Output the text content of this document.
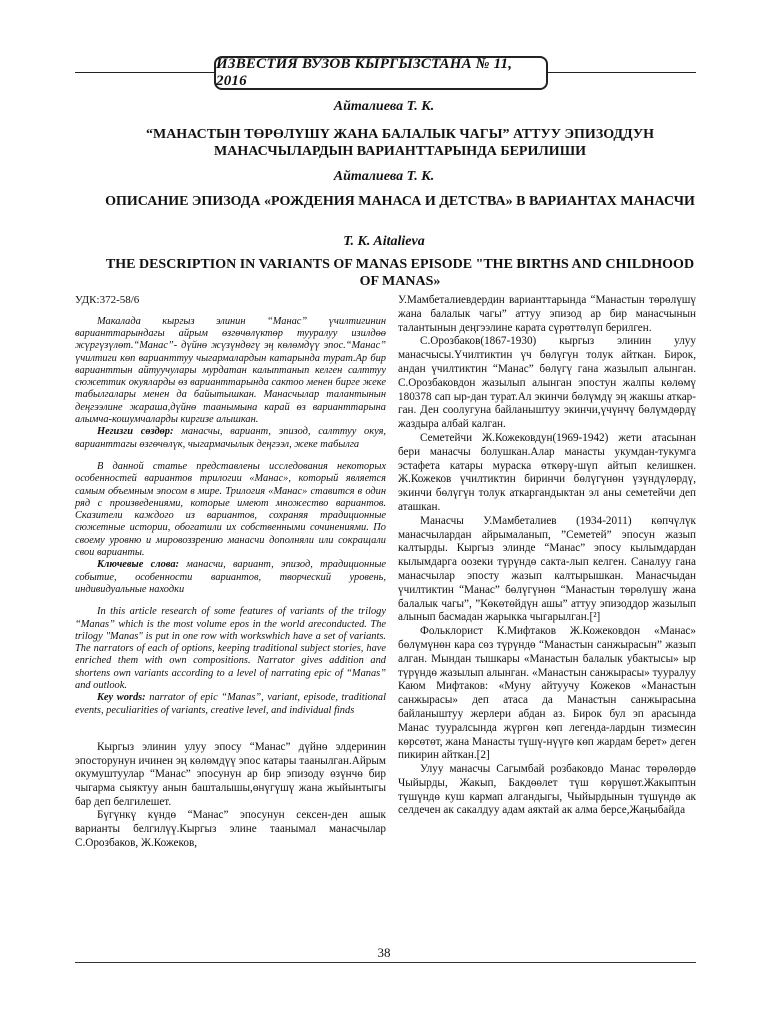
ИЗВЕСТИЯ ВУЗОВ КЫРГЫЗСТАНА № 11, 2016
Айталиева Т. К.
“МАНАСТЫН ТӨРӨЛҮШҮ ЖАНА БАЛАЛЫК ЧАГЫ” АТТУУ ЭПИЗОДДУН МАНАСЧЫЛАРДЫН ВАРИАНТТАРЫНДА БЕРИЛИШИ
Айталиева Т. К.
ОПИСАНИЕ ЭПИЗОДА «РОЖДЕНИЯ МАНАСА И ДЕТСТВА» В ВАРИАНТАХ МАНАСЧИ
T. K. Aitalieva
THE DESCRIPTION IN VARIANTS OF MANAS EPISODE "THE BIRTHS AND CHILDHOOD OF MANAS»
УДК:372-58/6

Макалада кыргыз элинин “Манас” үчилтигинин варианттарындагы айрым өзгөчөлүктөр тууралуу изилдөө жүргүзүлөт.“Манас”- дүйнө жүзүндөгү эң көлөмдүү эпос.“Манас” үчилтиги көп варианттуу чыгармалардын катарында турат.Ар бир варианттын айтуучулары мурдатан калыптанып келген салттуу сюжеттик окуяларды өз варианттарында сактоо менен бирге жеке табылгалары менен да байытышкан. Манасчылар талантынын деңгээлине жараша,дүйнө таанымына карай өз варианттарына алымча-кошумчаларды киргизе алышкан.

Негизги сөздөр: манасчы, вариант, эпизод, салттуу окуя, варианттагы өзгөчөлүк, чыгармачылык деңгээл, жеке табылга

В данной статье представлены исследования некоторых особенностей вариантов трилогии «Манас», который является самым объемным эпосом в мире. Трилогия «Манас» ставится в один ряд с произведениями, которые имеют множество вариантов. Сказители каждого из вариантов, сохраняя традиционные сюжетные истории, обогатили их собственными сочинениями. По своему уровню и мировоззрению манасчи дополняли или сокращали свои варианты.

Ключевые слова: манасчи, вариант, эпизод, традиционные событие, особенности вариантов, творческий уровень, индивидуальные находки

In this article research of some features of variants of the trilogy “Manas” which is the most volume epos in the world areconducted. The trilogy "Manas" is put in one row with workswhich have a set of variants. The narrators of each of options, keeping traditional subject stories, have enriched them with own compositions. Narrator gives addition and shortens own variants according to a level of narrating epic of “Manas” and outlook.

Key words: narrator of epic “Manas”, variant, episode, traditional events, peculiarities of variants, creative level, and individual finds

Кыргыз элинин улуу эпосу “Манас” дүйнө элдеринин эпосторунун ичинен эң көлөмдүү эпос катары таанылган.Айрым окумуштуулар “Манас” эпосунун ар бир эпизоду өзүнчө бир чыгарма сыяктуу анын башталышы,өнүгүшү жана жыйынтыгы бар деп белгилешет.

Бүгүнкү күндө “Манас” эпосунун сексен-ден ашык варианты белгилүү.Кыргыз элине таанымал манасчылар С.Орозбаков, Ж.Кожеков,

У.Мамбеталиевдердин варианттарында “Манастын төрөлүшү жана балалык чагы” аттуу эпизод ар бир манасчынын талантынын деңгээлине карата сүрөттөлүп берилген.

С.Орозбаков(1867-1930) кыргыз элинин улуу манасчысы.Үчилтиктин үч бөлүгүн толук айткан. Бирок, андан үчилтиктин “Манас” бөлүгү гана жазылып алынган. С.Орозбаковдон жазылып алынган эпостун жалпы көлөмү 180378 сап ыр-дан турат.Ал экинчи бөлүмдү эң жакшы аткар-ган. Ден соолугуна байланыштуу экинчи,үчүнчү бөлүмдөрдү жаздыра албай калган.

Семетейчи Ж.Кожековдун(1969-1942) жети атасынан бери манасчы болушкан.Алар манасты укумдан-тукумга эстафета катары мураска өткөрү-шүп айтып келишкен. Ж.Кожеков үчилтиктин биринчи бөлүгүнөн үзүндүлөрдү, экинчи бөлүгүн толук аткаргандыктан эл аны семетейчи деп аташкан.

Манасчы У.Мамбеталиев (1934-2011) көпчүлүк манасчылардан айрымаланып, ”Семетей” эпосун жазып калтырды. Кыргыз элинде “Манас” эпосу кылымдардан кылымдарга оозеки түрүндө сакта-лып келген. Саналуу гана манасчылар эпосту жазып калтырышкан. Манасчыдан үчилтиктин “Манас” бөлүгүнөн “Манастын төрөлүшү жана балалык чагы”, ”Көкөтөйдүн ашы” аттуу эпизоддор жазылып алынып басмадан жарыкка чыгарылган.[²]

Фольклорист К.Мифтаков Ж.Кожековдон «Манас» бөлүмүнөн кара сөз түрүндө “Манастын санжырасын” жазып алган. Мындан тышкары «Манастын балалык убактысы» ыр түрүндө жазылып алынган. «Манастын санжырасы» тууралуу Каюм Мифтаков: «Муну айтуучу Кожеков «Манастын санжырасы» деп атаса да Манастын санжырасына байланыштуу жерлери абдан аз. Бирок бул эп арасында Манас тууралсында жүргөн көп легенда-лардын тизмесин көрсөтөт, жана Манасты түшү-нүүгө көп жардам берет» деген пикирин айткан.[2]

Улуу манасчы Сагымбай розбаковдо Манас төрөлөрдө Чыйырды, Жакып, Бакдөөлет түш көрүшөт.Жакыптын түшүндө куш кармап алгандыгы, Чыйырдынын түшүндө ак селдечен ак сакалдуу адам аяктай ак алма берсе,Жаңыбайда

38
